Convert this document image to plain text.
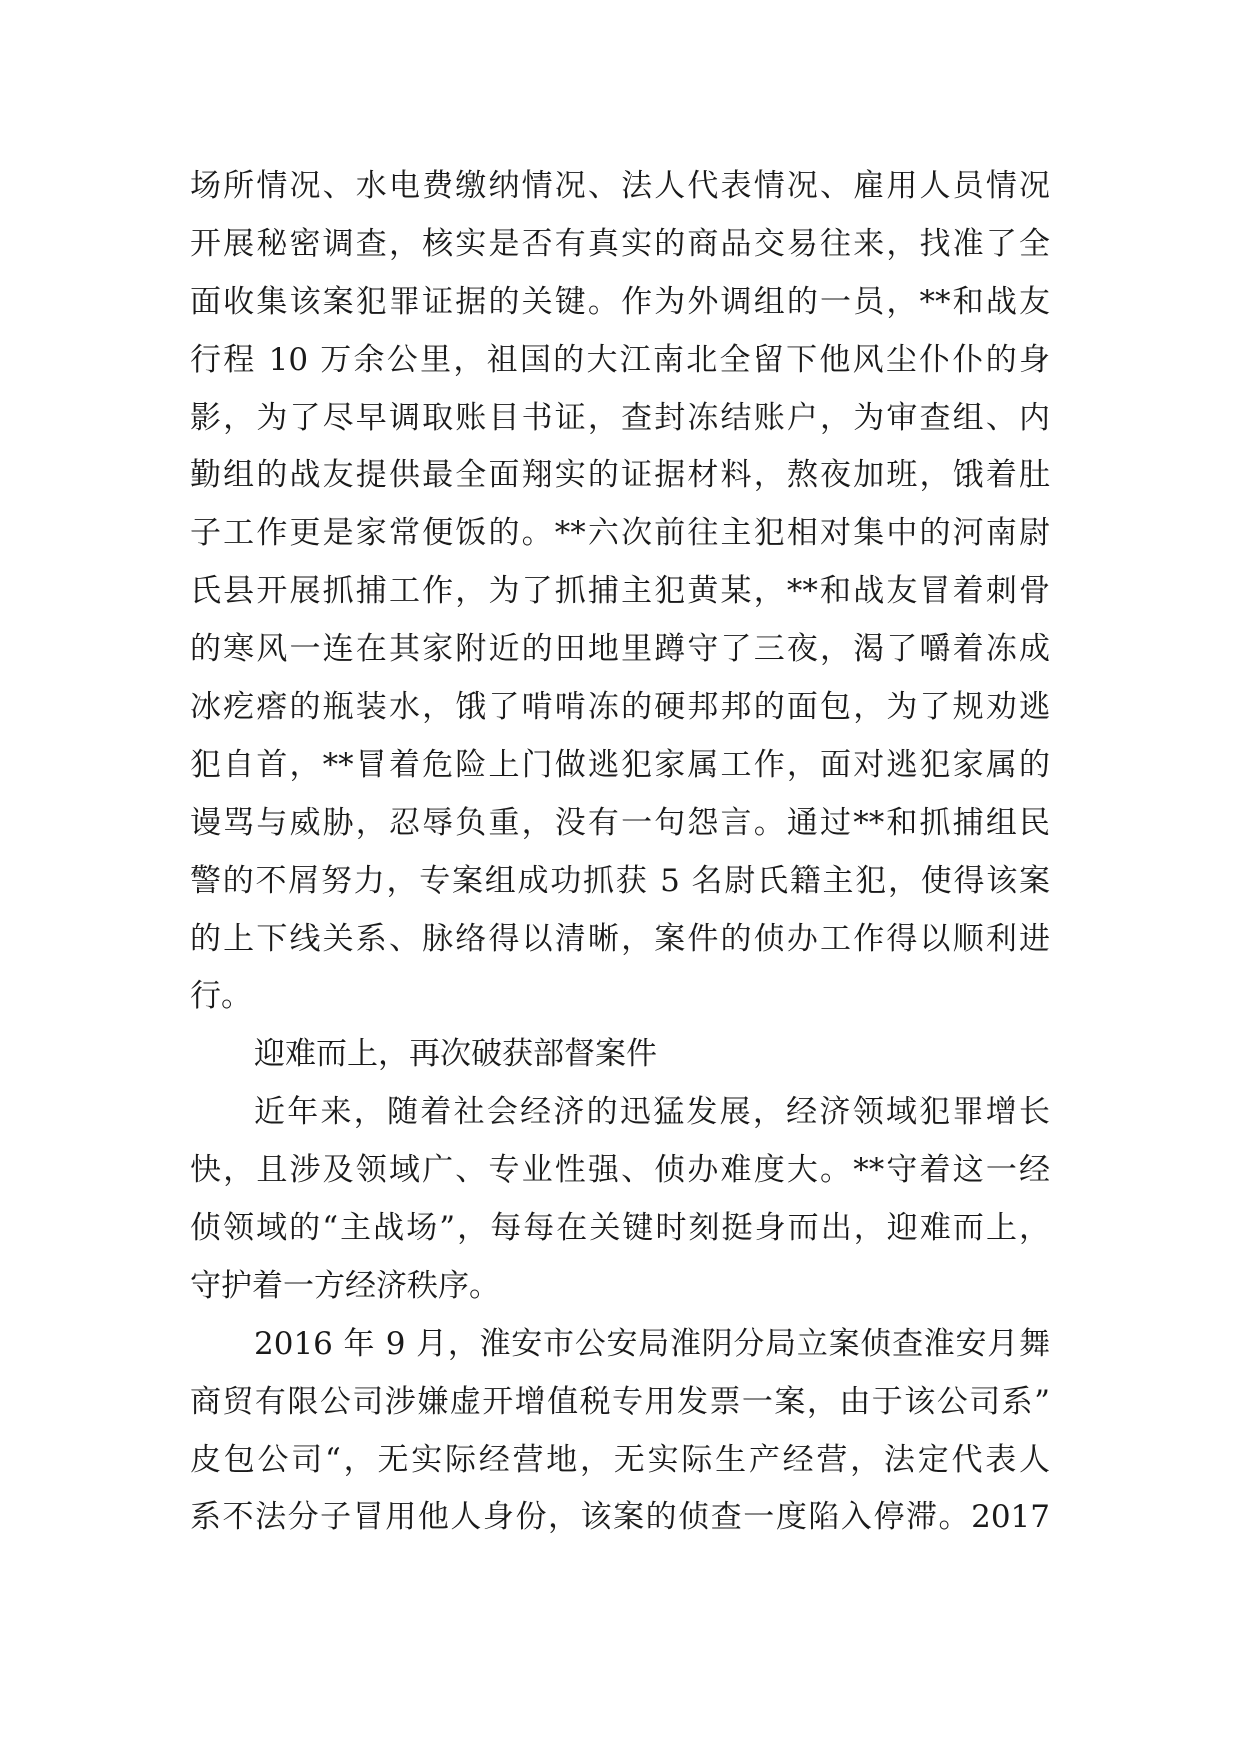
场所情况、水电费缴纳情况、法人代表情况、雇用人员情况
开展秘密调查，核实是否有真实的商品交易往来，找准了全
面收集该案犯罪证据的关键。作为外调组的一员，**和战友
行程 10 万余公里，祖国的大江南北全留下他风尘仆仆的身
影，为了尽早调取账目书证，查封冻结账户，为审查组、内
勤组的战友提供最全面翔实的证据材料，熬夜加班，饿着肚
子工作更是家常便饭的。**六次前往主犯相对集中的河南尉
氏县开展抓捕工作，为了抓捕主犯黄某，**和战友冒着刺骨
的寒风一连在其家附近的田地里蹲守了三夜，渴了嚼着冻成
冰疙瘩的瓶装水，饿了啃啃冻的硬邦邦的面包，为了规劝逃
犯自首，**冒着危险上门做逃犯家属工作，面对逃犯家属的
谩骂与威胁，忍辱负重，没有一句怨言。通过**和抓捕组民
警的不屑努力，专案组成功抓获 5 名尉氏籍主犯，使得该案
的上下线关系、脉络得以清晰，案件的侦办工作得以顺利进
行。
迎难而上，再次破获部督案件
近年来，随着社会经济的迅猛发展，经济领域犯罪增长
快，且涉及领域广、专业性强、侦办难度大。**守着这一经
侦领域的“主战场”，每每在关键时刻挺身而出，迎难而上，
守护着一方经济秩序。
2016 年 9 月，淮安市公安局淮阴分局立案侦查淮安月舞
商贸有限公司涉嫌虚开增值税专用发票一案，由于该公司系”
皮包公司“，无实际经营地，无实际生产经营，法定代表人
系不法分子冒用他人身份，该案的侦查一度陷入停滞。2017
